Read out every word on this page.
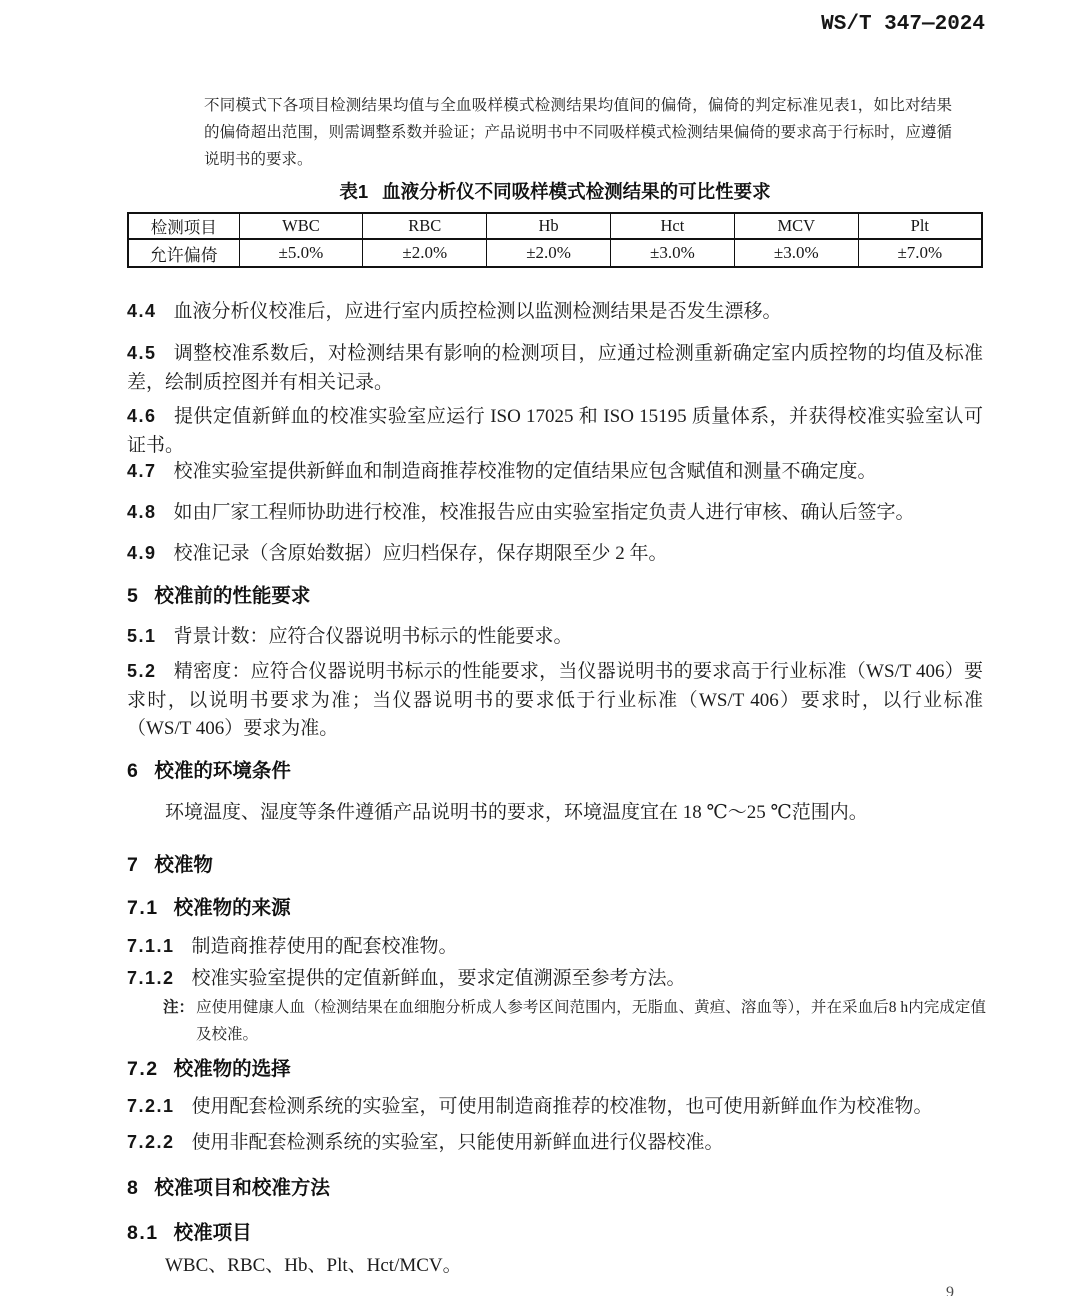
WS/T 347—2024
不同模式下各项目检测结果均值与全血吸样模式检测结果均值间的偏倚，偏倚的判定标准见表1，如比对结果的偏倚超出范围，则需调整系数并验证；产品说明书中不同吸样模式检测结果偏倚的要求高于行标时，应遵循说明书的要求。
表1 血液分析仪不同吸样模式检测结果的可比性要求
检测项目	WBC	RBC	Hb	Hct	MCV	Plt
允许偏倚	±5.0%	±2.0%	±2.0%	±3.0%	±3.0%	±7.0%
4.4 血液分析仪校准后，应进行室内质控检测以监测检测结果是否发生漂移。
4.5 调整校准系数后，对检测结果有影响的检测项目，应通过检测重新确定室内质控物的均值及标准差，绘制质控图并有相关记录。
4.6 提供定值新鲜血的校准实验室应运行 ISO 17025 和 ISO 15195 质量体系，并获得校准实验室认可证书。
4.7 校准实验室提供新鲜血和制造商推荐校准物的定值结果应包含赋值和测量不确定度。
4.8 如由厂家工程师协助进行校准，校准报告应由实验室指定负责人进行审核、确认后签字。
4.9 校准记录（含原始数据）应归档保存，保存期限至少 2 年。
5 校准前的性能要求
5.1 背景计数：应符合仪器说明书标示的性能要求。
5.2 精密度：应符合仪器说明书标示的性能要求，当仪器说明书的要求高于行业标准（WS/T 406）要求时，以说明书要求为准；当仪器说明书的要求低于行业标准（WS/T 406）要求时，以行业标准（WS/T 406）要求为准。
6 校准的环境条件
环境温度、湿度等条件遵循产品说明书的要求，环境温度宜在 18 ℃～25 ℃范围内。
7 校准物
7.1 校准物的来源
7.1.1 制造商推荐使用的配套校准物。
7.1.2 校准实验室提供的定值新鲜血，要求定值溯源至参考方法。
注： 应使用健康人血（检测结果在血细胞分析成人参考区间范围内，无脂血、黄疸、溶血等），并在采血后8 h内完成定值及校准。
7.2 校准物的选择
7.2.1 使用配套检测系统的实验室，可使用制造商推荐的校准物，也可使用新鲜血作为校准物。
7.2.2 使用非配套检测系统的实验室，只能使用新鲜血进行仪器校准。
8 校准项目和校准方法
8.1 校准项目
WBC、RBC、Hb、Plt、Hct/MCV。
9
